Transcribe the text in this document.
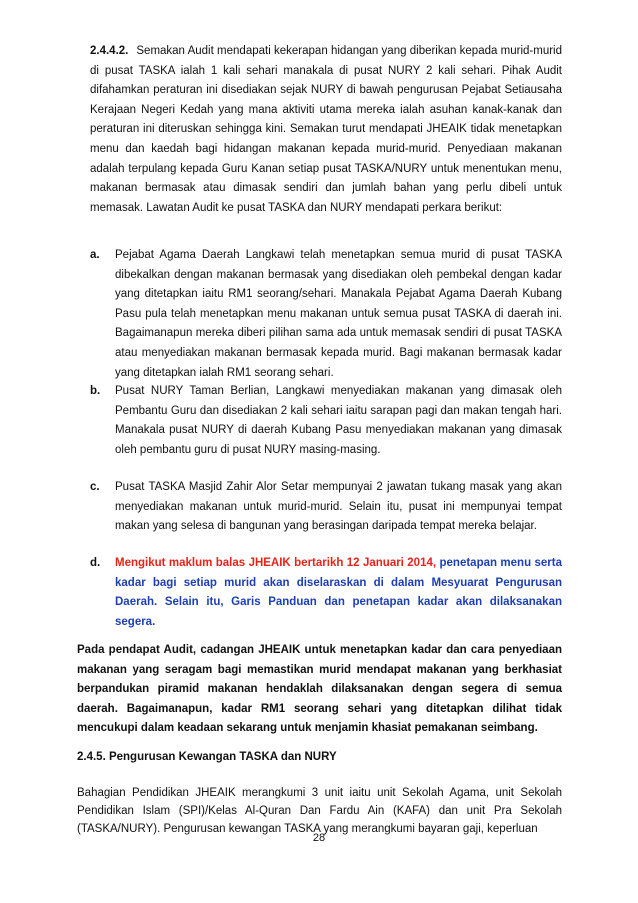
2.4.4.2. Semakan Audit mendapati kekerapan hidangan yang diberikan kepada murid-murid di pusat TASKA ialah 1 kali sehari manakala di pusat NURY 2 kali sehari. Pihak Audit difahamkan peraturan ini disediakan sejak NURY di bawah pengurusan Pejabat Setiausaha Kerajaan Negeri Kedah yang mana aktiviti utama mereka ialah asuhan kanak-kanak dan peraturan ini diteruskan sehingga kini. Semakan turut mendapati JHEAIK tidak menetapkan menu dan kaedah bagi hidangan makanan kepada murid-murid. Penyediaan makanan adalah terpulang kepada Guru Kanan setiap pusat TASKA/NURY untuk menentukan menu, makanan bermasak atau dimasak sendiri dan jumlah bahan yang perlu dibeli untuk memasak. Lawatan Audit ke pusat TASKA dan NURY mendapati perkara berikut:

a. Pejabat Agama Daerah Langkawi telah menetapkan semua murid di pusat TASKA dibekalkan dengan makanan bermasak yang disediakan oleh pembekal dengan kadar yang ditetapkan iaitu RM1 seorang/sehari. Manakala Pejabat Agama Daerah Kubang Pasu pula telah menetapkan menu makanan untuk semua pusat TASKA di daerah ini. Bagaimanapun mereka diberi pilihan sama ada untuk memasak sendiri di pusat TASKA atau menyediakan makanan bermasak kepada murid. Bagi makanan bermasak kadar yang ditetapkan ialah RM1 seorang sehari.

b. Pusat NURY Taman Berlian, Langkawi menyediakan makanan yang dimasak oleh Pembantu Guru dan disediakan 2 kali sehari iaitu sarapan pagi dan makan tengah hari. Manakala pusat NURY di daerah Kubang Pasu menyediakan makanan yang dimasak oleh pembantu guru di pusat NURY masing-masing.

c. Pusat TASKA Masjid Zahir Alor Setar mempunyai 2 jawatan tukang masak yang akan menyediakan makanan untuk murid-murid. Selain itu, pusat ini mempunyai tempat makan yang selesa di bangunan yang berasingan daripada tempat mereka belajar.

d. Mengikut maklum balas JHEAIK bertarikh 12 Januari 2014, penetapan menu serta kadar bagi setiap murid akan diselaraskan di dalam Mesyuarat Pengurusan Daerah. Selain itu, Garis Panduan dan penetapan kadar akan dilaksanakan segera.

Pada pendapat Audit, cadangan JHEAIK untuk menetapkan kadar dan cara penyediaan makanan yang seragam bagi memastikan murid mendapat makanan yang berkhasiat berpandukan piramid makanan hendaklah dilaksanakan dengan segera di semua daerah. Bagaimanapun, kadar RM1 seorang sehari yang ditetapkan dilihat tidak mencukupi dalam keadaan sekarang untuk menjamin khasiat pemakanan seimbang.

2.4.5. Pengurusan Kewangan TASKA dan NURY

Bahagian Pendidikan JHEAIK merangkumi 3 unit iaitu unit Sekolah Agama, unit Sekolah Pendidikan Islam (SPI)/Kelas Al-Quran Dan Fardu Ain (KAFA) dan unit Pra Sekolah (TASKA/NURY). Pengurusan kewangan TASKA yang merangkumi bayaran gaji, keperluan

28
